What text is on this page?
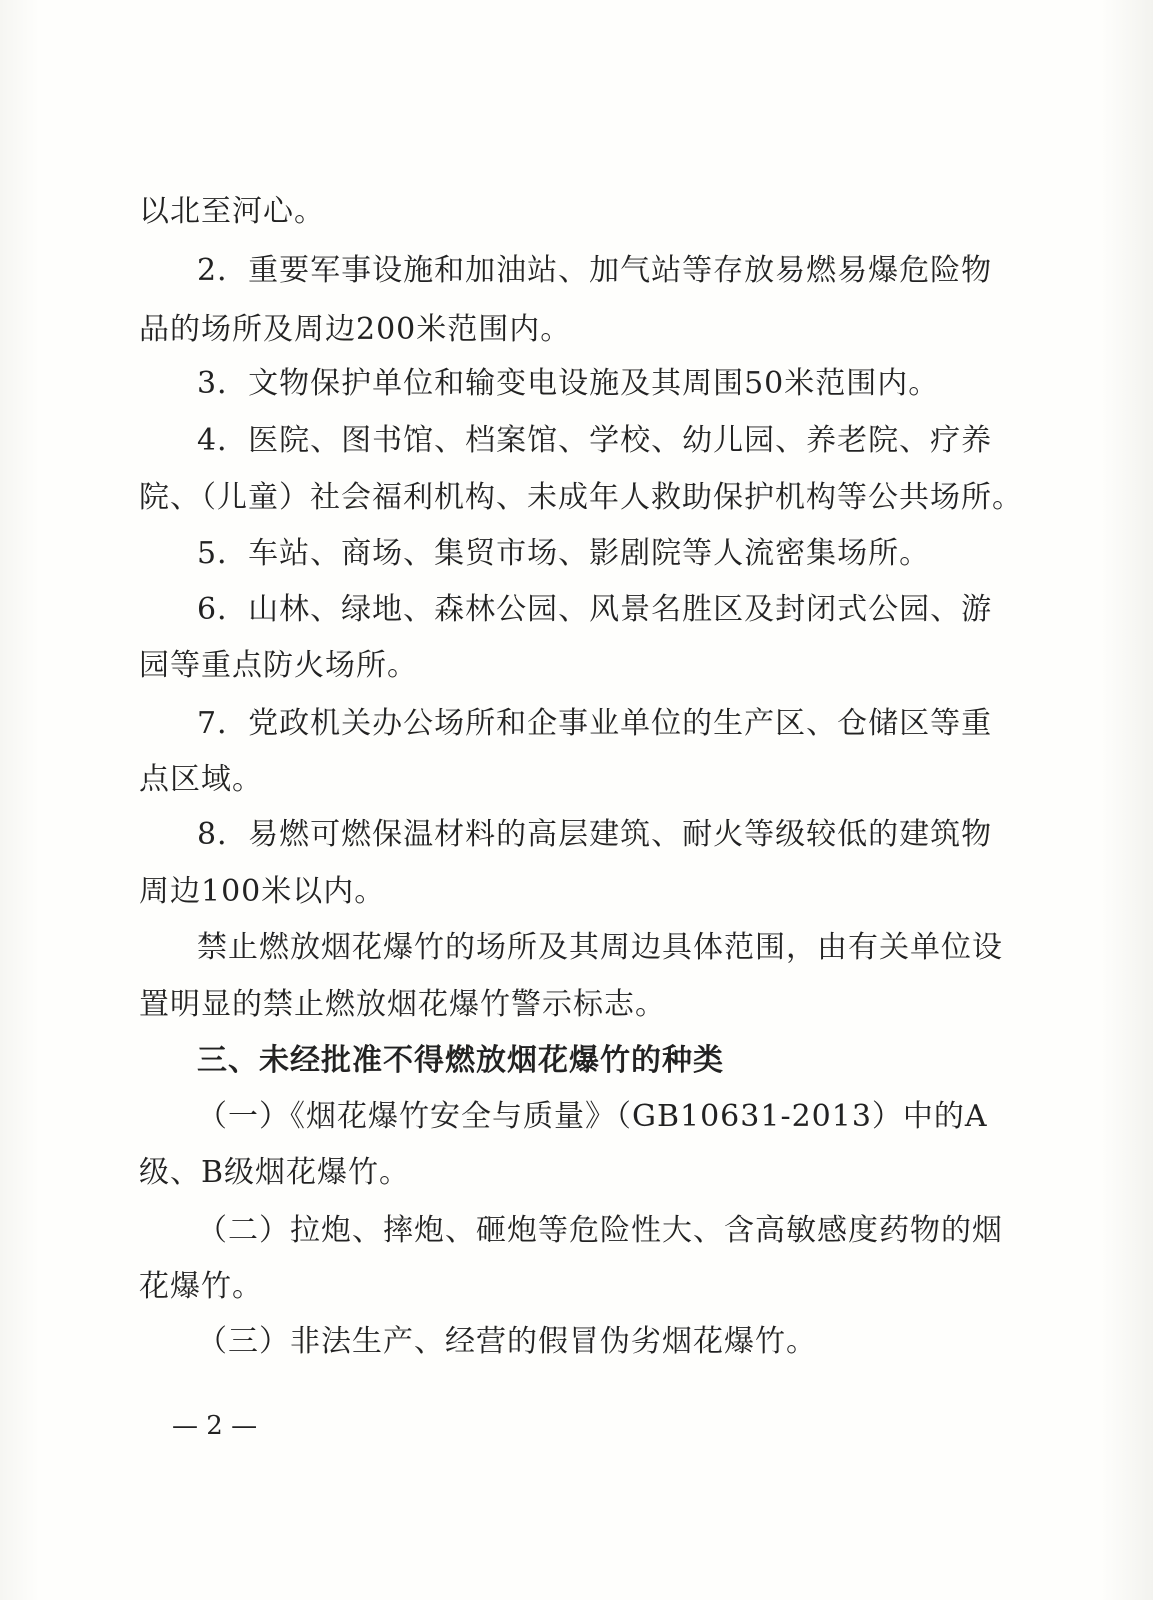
以北至河心。
2．重要军事设施和加油站、加气站等存放易燃易爆危险物
品的场所及周边200米范围内。
3．文物保护单位和输变电设施及其周围50米范围内。
4．医院、图书馆、档案馆、学校、幼儿园、养老院、疗养
院、（儿童）社会福利机构、未成年人救助保护机构等公共场所。
5．车站、商场、集贸市场、影剧院等人流密集场所。
6．山林、绿地、森林公园、风景名胜区及封闭式公园、游
园等重点防火场所。
7．党政机关办公场所和企事业单位的生产区、仓储区等重
点区域。
8．易燃可燃保温材料的高层建筑、耐火等级较低的建筑物
周边100米以内。
禁止燃放烟花爆竹的场所及其周边具体范围，由有关单位设
置明显的禁止燃放烟花爆竹警示标志。
三、未经批准不得燃放烟花爆竹的种类
（一）《烟花爆竹安全与质量》（GB10631-2013）中的A
级、B级烟花爆竹。
（二）拉炮、摔炮、砸炮等危险性大、含高敏感度药物的烟
花爆竹。
（三）非法生产、经营的假冒伪劣烟花爆竹。
— 2 —
